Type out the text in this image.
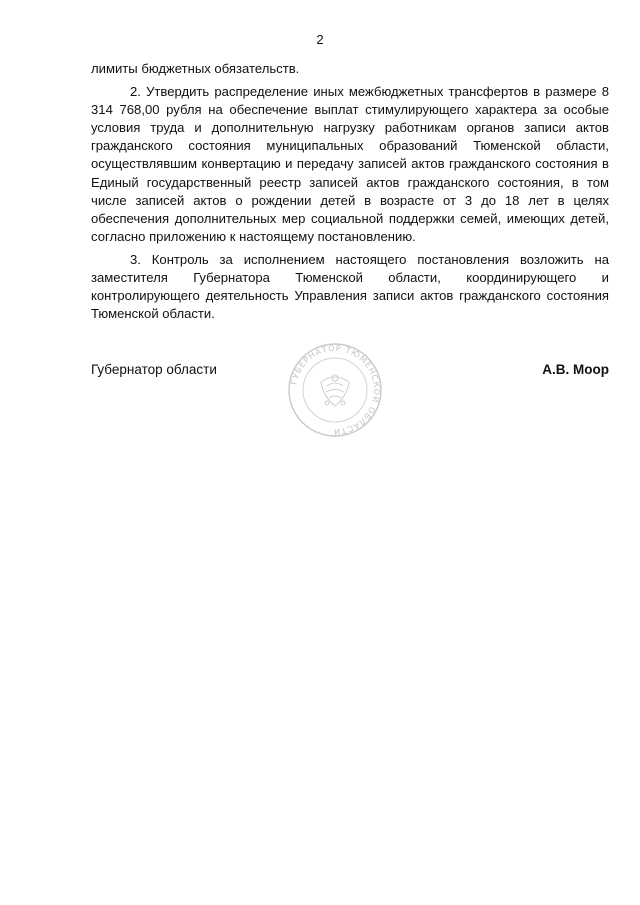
2

лимиты бюджетных обязательств.

2. Утвердить распределение иных межбюджетных трансфертов в размере 8 314 768,00 рубля на обеспечение выплат стимулирующего характера за особые условия труда и дополнительную нагрузку работникам органов записи актов гражданского состояния муниципальных образований Тюменской области, осуществлявшим конвертацию и передачу записей актов гражданского состояния в Единый государственный реестр записей актов гражданского состояния, в том числе записей актов о рождении детей в возрасте от 3 до 18 лет в целях обеспечения дополнительных мер социальной поддержки семей, имеющих детей, согласно приложению к настоящему постановлению.

3. Контроль за исполнением настоящего постановления возложить на заместителя Губернатора Тюменской области, координирующего и контролирующего деятельность Управления записи актов гражданского состояния Тюменской области.

Губернатор области	А.В. Моор
ГУБЕРНАТОР ТЮМЕНСКОЙ ОБЛАСТИ
